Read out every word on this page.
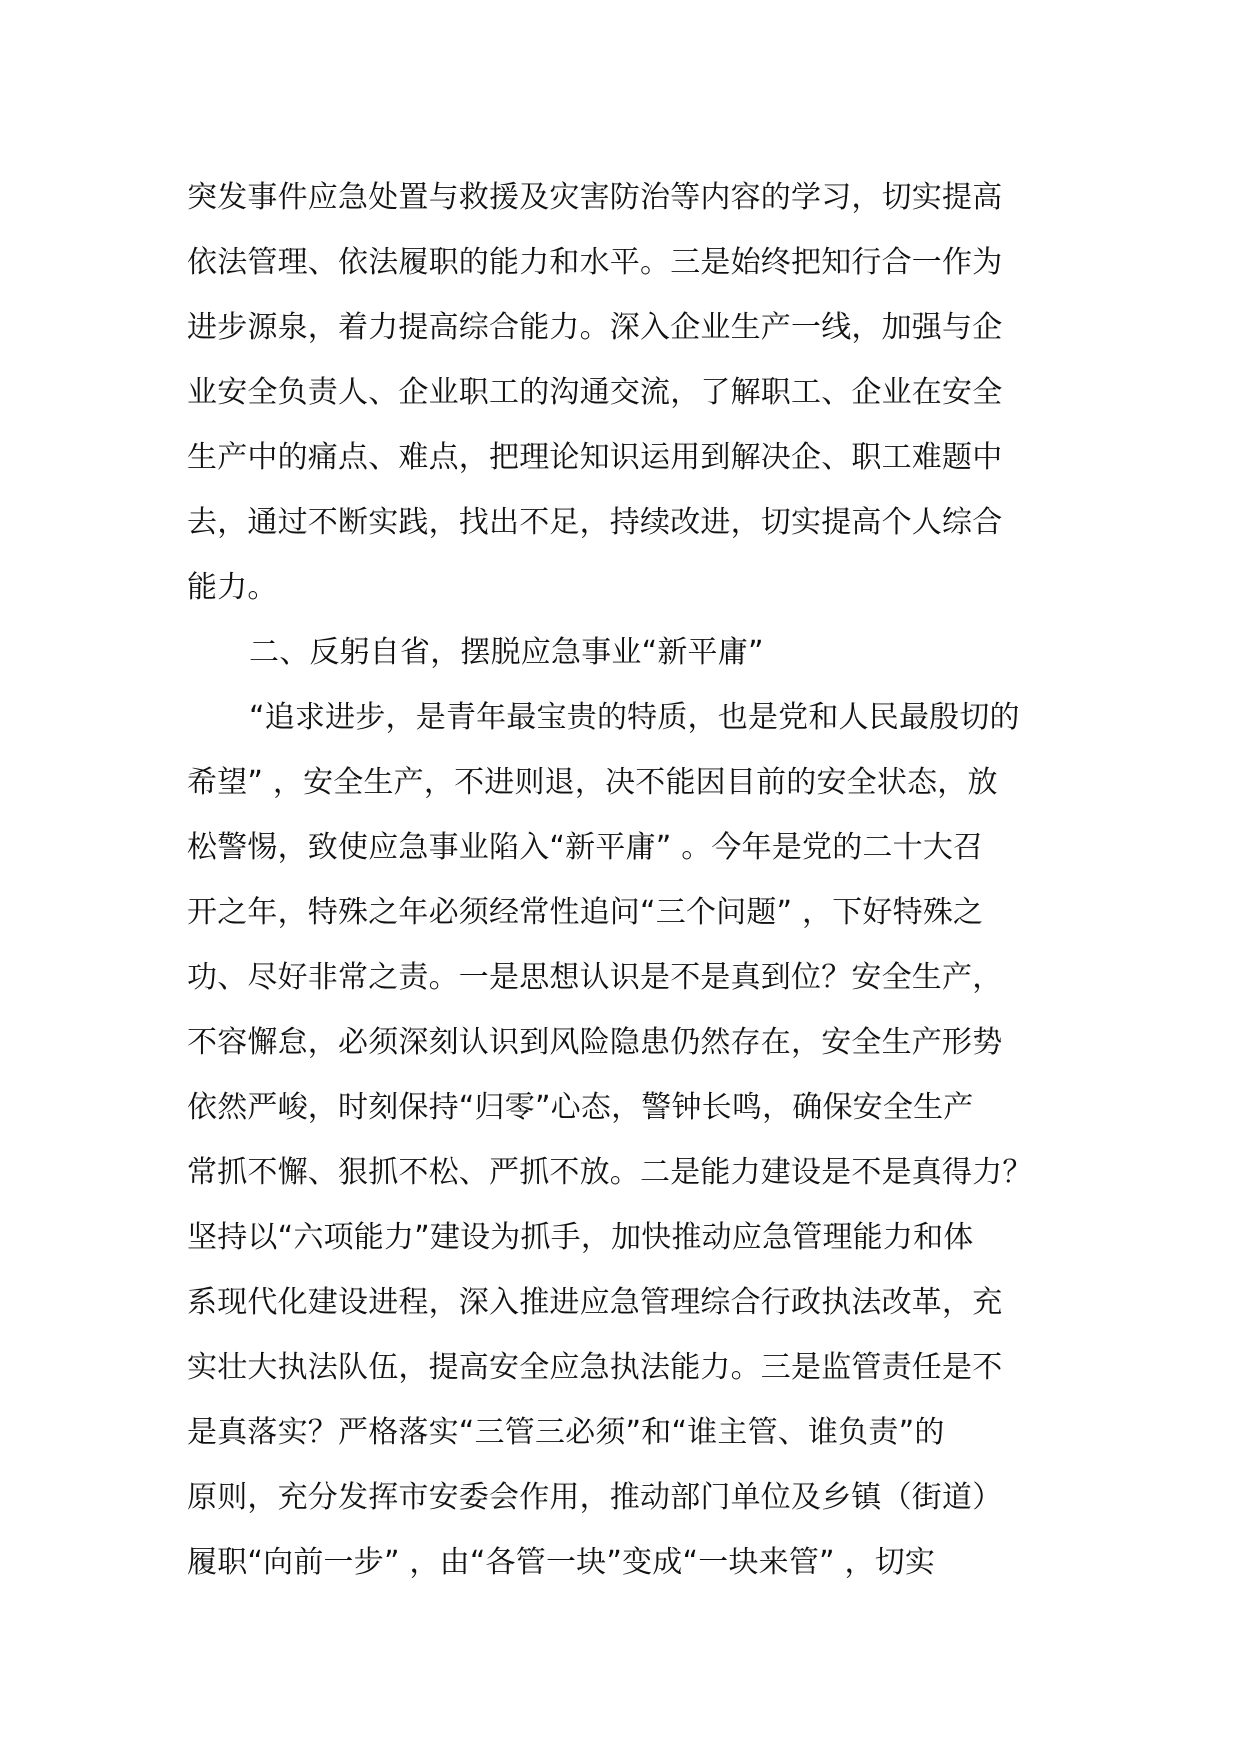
突发事件应急处置与救援及灾害防治等内容的学习，切实提高
依法管理、依法履职的能力和水平。三是始终把知行合一作为
进步源泉，着力提高综合能力。深入企业生产一线，加强与企
业安全负责人、企业职工的沟通交流，了解职工、企业在安全
生产中的痛点、难点，把理论知识运用到解决企、职工难题中
去，通过不断实践，找出不足，持续改进，切实提高个人综合
能力。
二、反躬自省，摆脱应急事业“新平庸”
“追求进步，是青年最宝贵的特质，也是党和人民最殷切的
希望” ，安全生产，不进则退，决不能因目前的安全状态，放
松警惕，致使应急事业陷入“新平庸” 。今年是党的二十大召
开之年，特殊之年必须经常性追问“三个问题” ，下好特殊之
功、尽好非常之责。一是思想认识是不是真到位？安全生产，
不容懈怠，必须深刻认识到风险隐患仍然存在，安全生产形势
依然严峻，时刻保持“归零”心态，警钟长鸣，确保安全生产
常抓不懈、狠抓不松、严抓不放。二是能力建设是不是真得力？
坚持以“六项能力”建设为抓手，加快推动应急管理能力和体
系现代化建设进程，深入推进应急管理综合行政执法改革，充
实壮大执法队伍，提高安全应急执法能力。三是监管责任是不
是真落实？严格落实“三管三必须”和“谁主管、谁负责”的
原则，充分发挥市安委会作用，推动部门单位及乡镇（街道）
履职“向前一步” ，由“各管一块”变成“一块来管” ，切实
